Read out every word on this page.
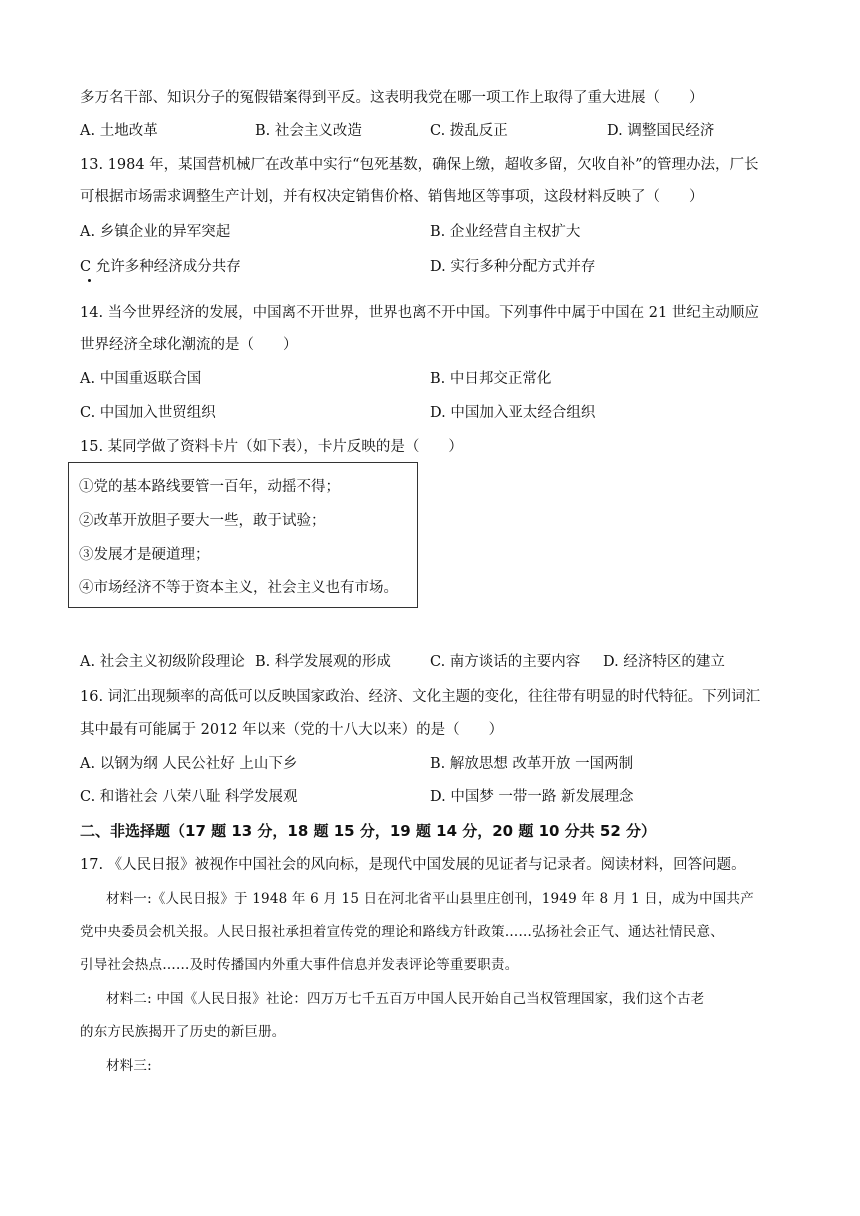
多万名干部、知识分子的冤假错案得到平反。这表明我党在哪一项工作上取得了重大进展（　　）
A. 土地改革	B. 社会主义改造	C. 拨乱反正	D. 调整国民经济
13. 1984 年，某国营机械厂在改革中实行“包死基数，确保上缴，超收多留，欠收自补”的管理办法，厂长
可根据市场需求调整生产计划，并有权决定销售价格、销售地区等事项，这段材料反映了（　　）
A. 乡镇企业的异军突起	B. 企业经营自主权扩大
C 允许多种经济成分共存	D. 实行多种分配方式并存
14. 当今世界经济的发展，中国离不开世界，世界也离不开中国。下列事件中属于中国在 21 世纪主动顺应
世界经济全球化潮流的是（　　）
A. 中国重返联合国	B. 中日邦交正常化
C. 中国加入世贸组织	D. 中国加入亚太经合组织
15. 某同学做了资料卡片（如下表），卡片反映的是（　　）
①党的基本路线要管一百年，动摇不得；
②改革开放胆子要大一些，敢于试验；
③发展才是硬道理；
④市场经济不等于资本主义，社会主义也有市场。
A. 社会主义初级阶段理论 B. 科学发展观的形成	C. 南方谈话的主要内容 D. 经济特区的建立
16. 词汇出现频率的高低可以反映国家政治、经济、文化主题的变化，往往带有明显的时代特征。下列词汇
其中最有可能属于 2012 年以来（党的十八大以来）的是（　　）
A. 以钢为纲 人民公社好 上山下乡	B. 解放思想 改革开放 一国两制
C. 和谐社会 八荣八耻 科学发展观	D. 中国梦 一带一路 新发展理念
二、非选择题（17 题 13 分，18 题 15 分，19 题 14 分，20 题 10 分共 52 分）
17. 《人民日报》被视作中国社会的风向标，是现代中国发展的见证者与记录者。阅读材料，回答问题。
材料一:《人民日报》于 1948 年 6 月 15 日在河北省平山县里庄创刊，1949 年 8 月 1 日，成为中国共产
党中央委员会机关报。人民日报社承担着宣传党的理论和路线方针政策……弘扬社会正气、通达社情民意、
引导社会热点……及时传播国内外重大事件信息并发表评论等重要职责。
材料二: 中国《人民日报》社论：四万万七千五百万中国人民开始自己当权管理国家，我们这个古老
的东方民族揭开了历史的新巨册。
材料三:
